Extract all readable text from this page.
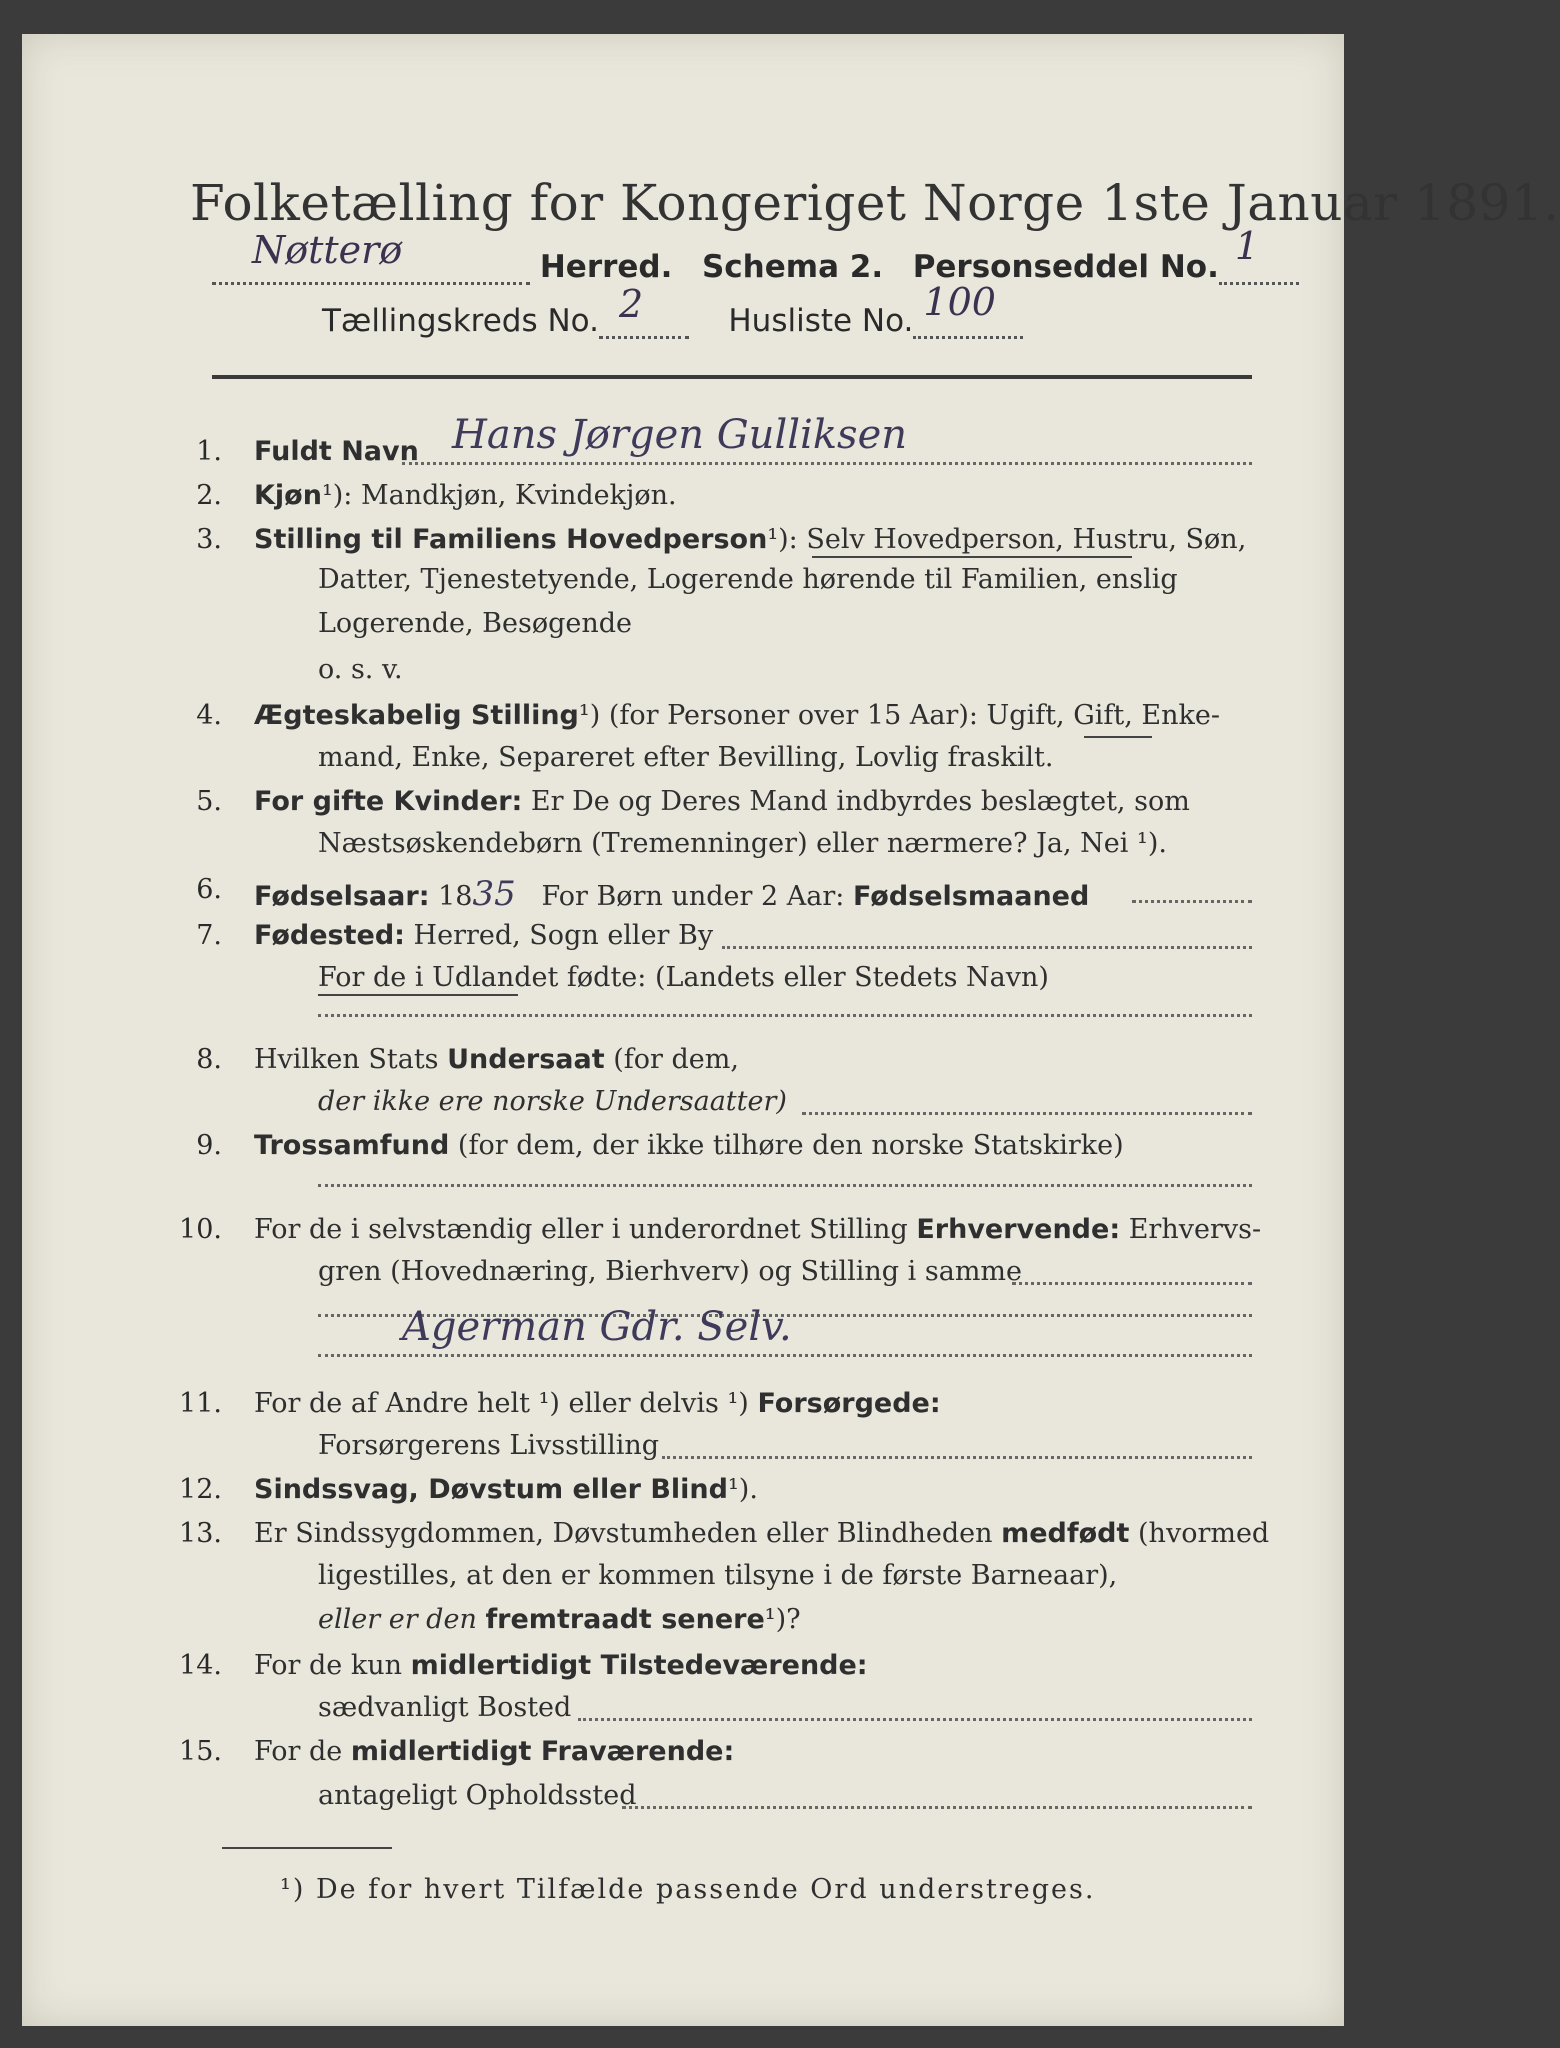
Folketælling for Kongeriget Norge 1ste Januar 1891.
Nøtterø	Herred. Schema 2. Personseddel No. 1
Tællingskreds No. 2	Husliste No. 100
1. Fuldt Navn Hans Jørgen Gulliksen
2. Kjøn¹): Mandkjøn, Kvindekjøn.
3. Stilling til Familiens Hovedperson¹): Selv Hovedperson, Hustru, Søn,
Datter, Tjenestetyende, Logerende hørende til Familien, enslig
Logerende, Besøgende
o. s. v.
4. Ægteskabelig Stilling¹) (for Personer over 15 Aar): Ugift, Gift, Enke-
mand, Enke, Separeret efter Bevilling, Lovlig fraskilt.
5. For gifte Kvinder: Er De og Deres Mand indbyrdes beslægtet, som
Næstsøskendebørn (Tremenninger) eller nærmere? Ja, Nei ¹).
6. Fødselsaar: 1835 For Børn under 2 Aar: Fødselsmaaned
7. Fødested: Herred, Sogn eller By
For de i Udlandet fødte: (Landets eller Stedets Navn)
8. Hvilken Stats Undersaat (for dem,
der ikke ere norske Undersaatter)
9. Trossamfund (for dem, der ikke tilhøre den norske Statskirke)
10. For de i selvstændig eller i underordnet Stilling Erhvervende: Erhvervs-
gren (Hovednæring, Bierhverv) og Stilling i samme
Agerman Gdr. Selv.
11. For de af Andre helt ¹) eller delvis ¹) Forsørgede:
Forsørgerens Livsstilling
12. Sindssvag, Døvstum eller Blind¹).
13. Er Sindssygdommen, Døvstumheden eller Blindheden medfødt (hvormed
ligestilles, at den er kommen tilsyne i de første Barneaar),
eller er den fremtraadt senere¹)?
14. For de kun midlertidigt Tilstedeværende:
sædvanligt Bosted
15. For de midlertidigt Fraværende:
antageligt Opholdssted
¹) De for hvert Tilfælde passende Ord understreges.
